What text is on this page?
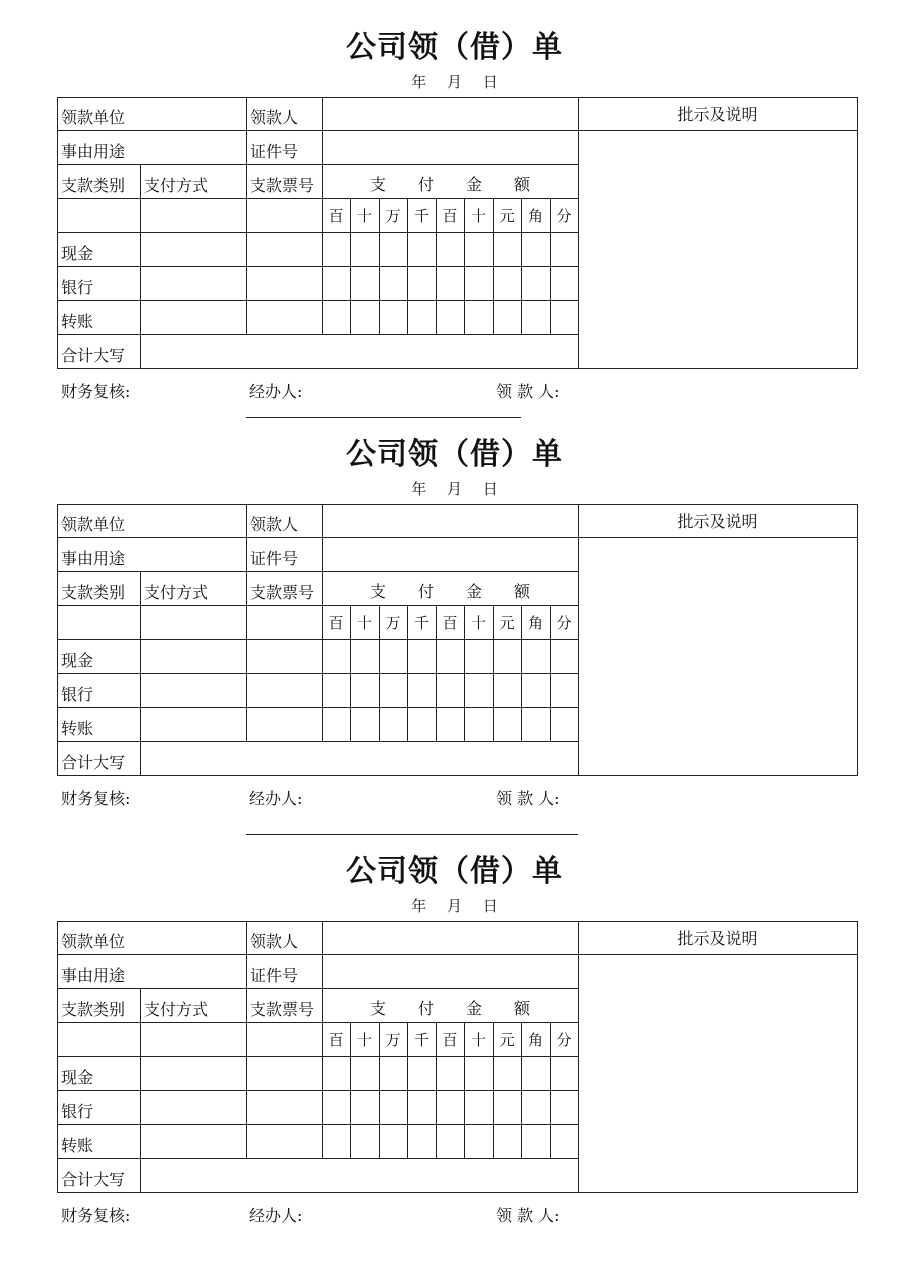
公司领（借）单
年 月 日
领款单位	领款人	批示及说明
事由用途	证件号
支款类别	支付方式	支款票号	支　　付　　金　　额
百 十 万 千 百 十 元 角 分
现金
银行
转账
合计大写
财务复核:	经办人:	领 款 人:
公司领（借）单
年 月 日
领款单位	领款人	批示及说明
事由用途	证件号
支款类别	支付方式	支款票号	支　　付　　金　　额
百 十 万 千 百 十 元 角 分
现金
银行
转账
合计大写
财务复核:	经办人:	领 款 人:
公司领（借）单
年 月 日
领款单位	领款人	批示及说明
事由用途	证件号
支款类别	支付方式	支款票号	支　　付　　金　　额
百 十 万 千 百 十 元 角 分
现金
银行
转账
合计大写
财务复核:	经办人:	领 款 人:
